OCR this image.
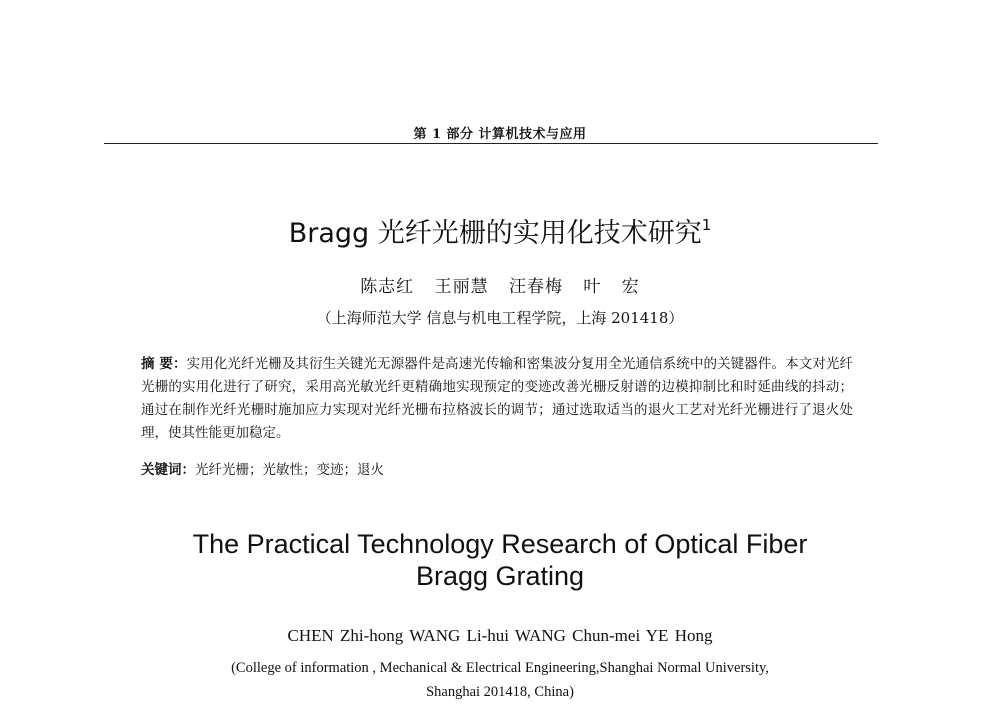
第 1 部分 计算机技术与应用
Bragg 光纤光栅的实用化技术研究$^1$
陈志红 王丽慧 汪春梅 叶 宏
（上海师范大学 信息与机电工程学院，上海 201418）
摘 要：实用化光纤光栅及其衍生关键光无源器件是高速光传输和密集波分复用全光通信系统中的关键器件。本文对光纤光栅的实用化进行了研究，采用高光敏光纤更精确地实现预定的变迹改善光栅反射谱的边模抑制比和时延曲线的抖动；通过在制作光纤光栅时施加应力实现对光纤光栅布拉格波长的调节；通过选取适当的退火工艺对光纤光栅进行了退火处理，使其性能更加稳定。
关键词：光纤光栅；光敏性；变迹；退火
The Practical Technology Research of Optical Fiber
Bragg Grating
CHEN Zhi-hong WANG Li-hui WANG Chun-mei YE Hong
(College of information , Mechanical & Electrical Engineering,Shanghai Normal University,
Shanghai 201418, China)
